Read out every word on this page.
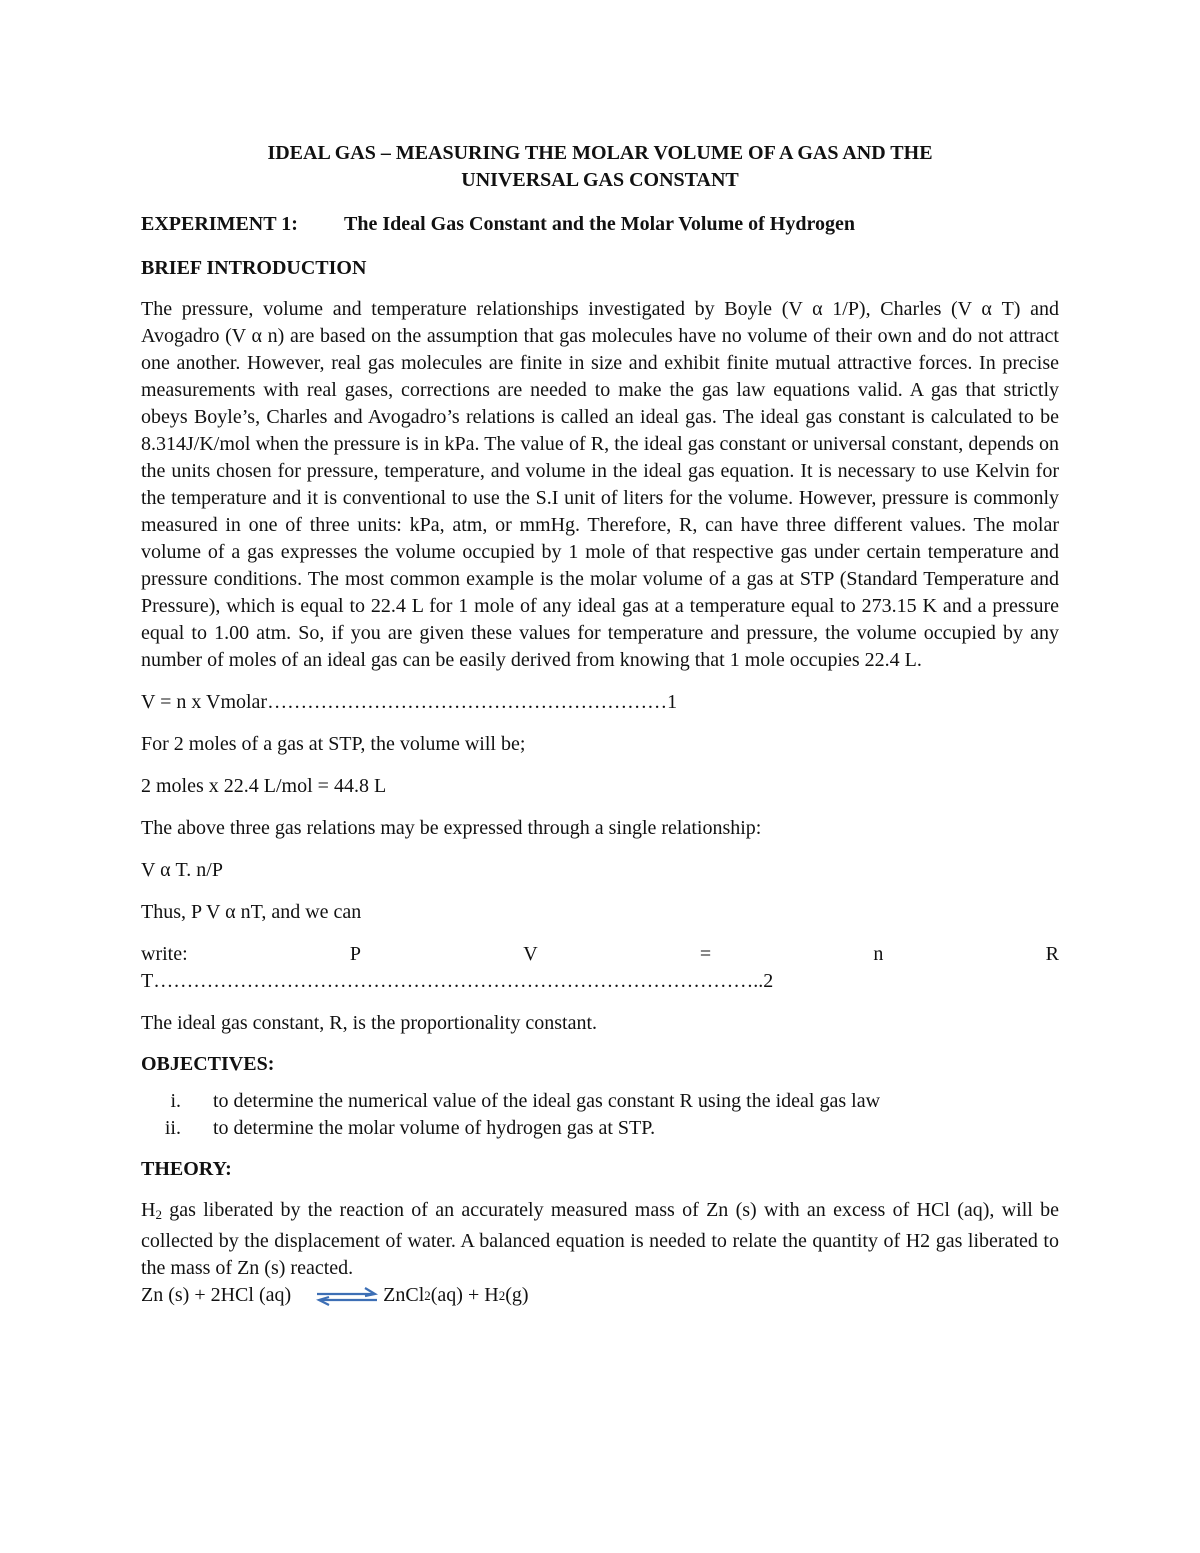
IDEAL GAS – MEASURING THE MOLAR VOLUME OF A GAS AND THE

UNIVERSAL GAS CONSTANT

EXPERIMENT 1: The Ideal Gas Constant and the Molar Volume of Hydrogen

BRIEF INTRODUCTION

The pressure, volume and temperature relationships investigated by Boyle (V α 1/P), Charles (V α T) and Avogadro (V α n) are based on the assumption that gas molecules have no volume of their own and do not attract one another. However, real gas molecules are finite in size and exhibit finite mutual attractive forces. In precise measurements with real gases, corrections are needed to make the gas law equations valid. A gas that strictly obeys Boyle’s, Charles and Avogadro’s relations is called an ideal gas. The ideal gas constant is calculated to be 8.314J/K/mol when the pressure is in kPa. The value of R, the ideal gas constant or universal constant, depends on the units chosen for pressure, temperature, and volume in the ideal gas equation. It is necessary to use Kelvin for the temperature and it is conventional to use the S.I unit of liters for the volume. However, pressure is commonly measured in one of three units: kPa, atm, or mmHg. Therefore, R, can have three different values. The molar volume of a gas expresses the volume occupied by 1 mole of that respective gas under certain temperature and pressure conditions. The most common example is the molar volume of a gas at STP (Standard Temperature and Pressure), which is equal to 22.4 L for 1 mole of any ideal gas at a temperature equal to 273.15 K and a pressure equal to 1.00 atm. So, if you are given these values for temperature and pressure, the volume occupied by any number of moles of an ideal gas can be easily derived from knowing that 1 mole occupies 22.4 L.

V = n x Vmolar……………………………………………………1

For 2 moles of a gas at STP, the volume will be;

2 moles x 22.4 L/mol = 44.8 L

The above three gas relations may be expressed through a single relationship:

V α T. n/P

Thus, P V α nT, and we can

write:	P	V	=	n	R

T………………………………………………………………………………..2

The ideal gas constant, R, is the proportionality constant.

OBJECTIVES:

i.	to determine the numerical value of the ideal gas constant R using the ideal gas law
ii.	to determine the molar volume of hydrogen gas at STP.

THEORY:

$H_2$ gas liberated by the reaction of an accurately measured mass of Zn (s) with an excess of HCl (aq), will be collected by the displacement of water. A balanced equation is needed to relate the quantity of H2 gas liberated to the mass of Zn (s) reacted.

Zn (s) + 2HCl (aq) ⇌ ZnCl 2 (aq) + H 2 (g)
